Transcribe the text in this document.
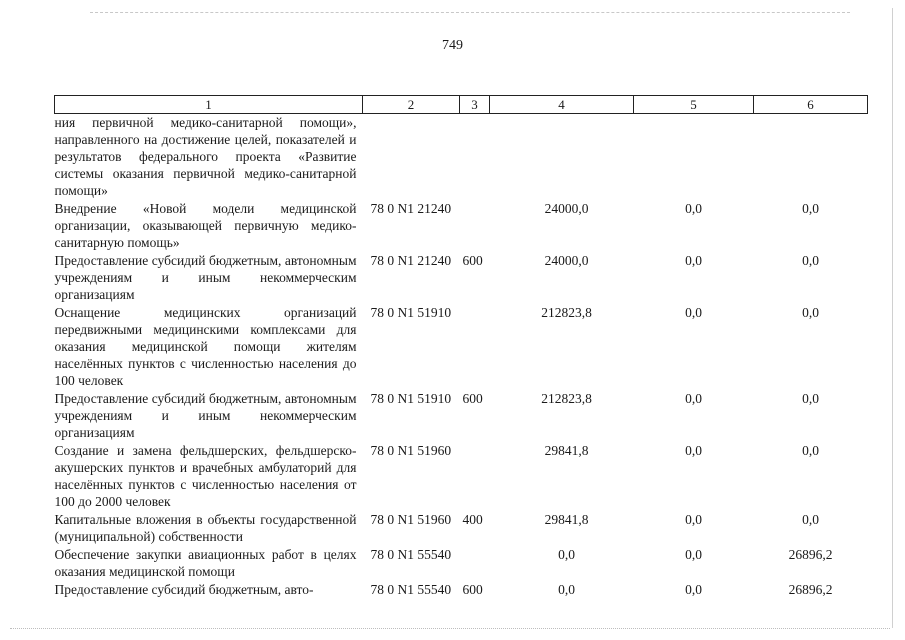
749
1	2	3	4	5	6
ния первичной медико-санитарной помощи», направленного на достижение целей, показателей и результатов федерального проекта «Развитие системы оказания первичной медико-санитарной помощи»					
Внедрение «Новой модели медицинской организации, оказывающей первичную медико-санитарную помощь»	78 0 N1 21240		24000,0	0,0	0,0
Предоставление субсидий бюджетным, автономным учреждениям и иным некоммерческим организациям	78 0 N1 21240	600	24000,0	0,0	0,0
Оснащение медицинских организаций передвижными медицинскими комплексами для оказания медицинской помощи жителям населённых пунктов с численностью населения до 100 человек	78 0 N1 51910		212823,8	0,0	0,0
Предоставление субсидий бюджетным, автономным учреждениям и иным некоммерческим организациям	78 0 N1 51910	600	212823,8	0,0	0,0
Создание и замена фельдшерских, фельдшерско-акушерских пунктов и врачебных амбулаторий для населённых пунктов с численностью населения от 100 до 2000 человек	78 0 N1 51960		29841,8	0,0	0,0
Капитальные вложения в объекты государственной (муниципальной) собственности	78 0 N1 51960	400	29841,8	0,0	0,0
Обеспечение закупки авиационных работ в целях оказания медицинской помощи	78 0 N1 55540		0,0	0,0	26896,2
Предоставление субсидий бюджетным, авто-	78 0 N1 55540	600	0,0	0,0	26896,2
